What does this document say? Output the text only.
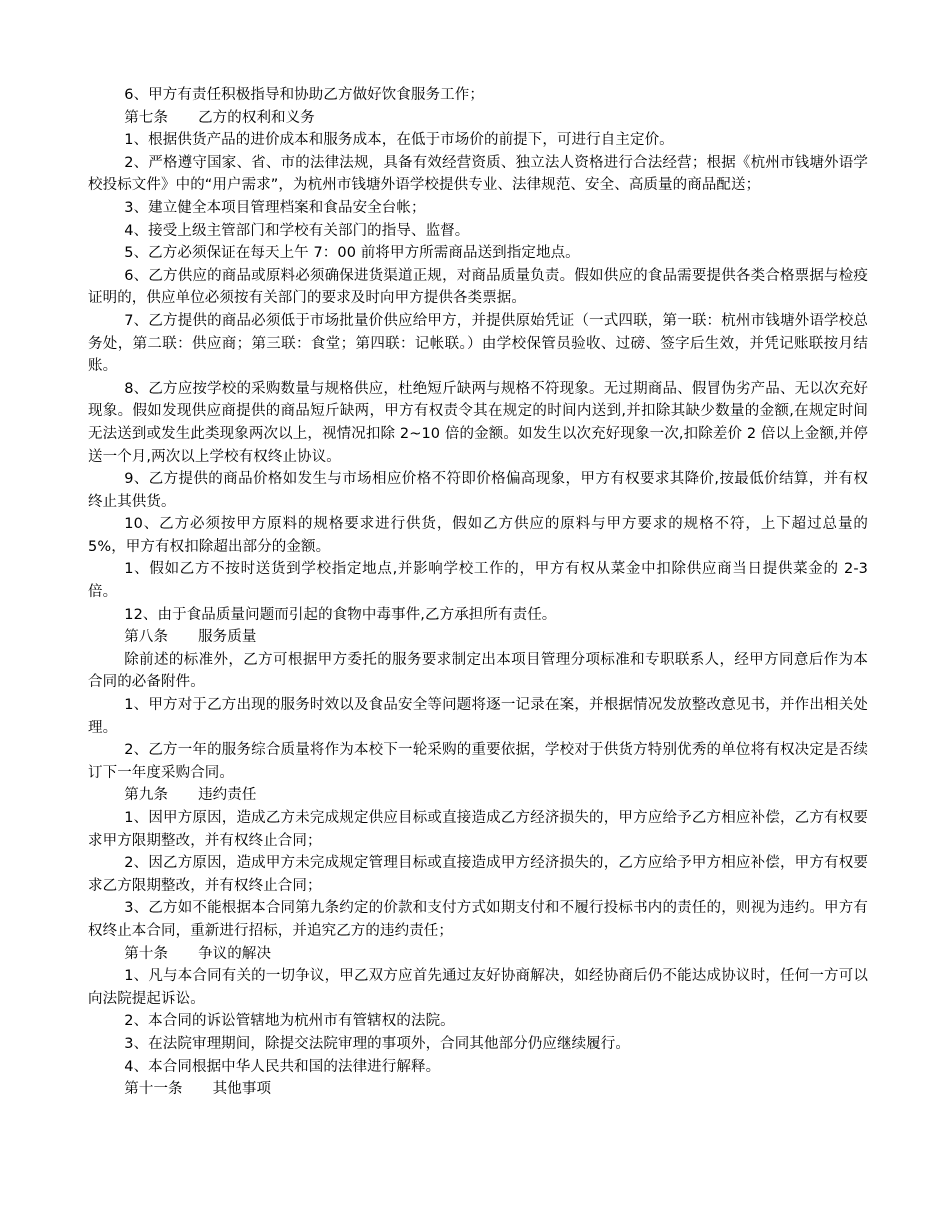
6、甲方有责任积极指导和协助乙方做好饮食服务工作；

第七条 乙方的权利和义务

1、根据供货产品的进价成本和服务成本，在低于市场价的前提下，可进行自主定价。

2、严格遵守国家、省、市的法律法规，具备有效经营资质、独立法人资格进行合法经营；根据《杭州市钱塘外语学校投标文件》中的“用户需求”，为杭州市钱塘外语学校提供专业、法律规范、安全、高质量的商品配送；

3、建立健全本项目管理档案和食品安全台帐；

4、接受上级主管部门和学校有关部门的指导、监督。

5、乙方必须保证在每天上午 7：00 前将甲方所需商品送到指定地点。

6、乙方供应的商品或原料必须确保进货渠道正规，对商品质量负责。假如供应的食品需要提供各类合格票据与检疫证明的，供应单位必须按有关部门的要求及时向甲方提供各类票据。

7、乙方提供的商品必须低于市场批量价供应给甲方，并提供原始凭证（一式四联，第一联：杭州市钱塘外语学校总务处，第二联：供应商；第三联：食堂；第四联：记帐联。）由学校保管员验收、过磅、签字后生效，并凭记账联按月结账。

8、乙方应按学校的采购数量与规格供应，杜绝短斤缺两与规格不符现象。无过期商品、假冒伪劣产品、无以次充好现象。假如发现供应商提供的商品短斤缺两，甲方有权责令其在规定的时间内送到,并扣除其缺少数量的金额,在规定时间无法送到或发生此类现象两次以上，视情况扣除 2~10 倍的金额。如发生以次充好现象一次,扣除差价 2 倍以上金额,并停送一个月,两次以上学校有权终止协议。

9、乙方提供的商品价格如发生与市场相应价格不符即价格偏高现象，甲方有权要求其降价,按最低价结算，并有权终止其供货。

10、乙方必须按甲方原料的规格要求进行供货，假如乙方供应的原料与甲方要求的规格不符，上下超过总量的 5%，甲方有权扣除超出部分的金额。

1、假如乙方不按时送货到学校指定地点,并影响学校工作的，甲方有权从菜金中扣除供应商当日提供菜金的 2-3 倍。

12、由于食品质量问题而引起的食物中毒事件,乙方承担所有责任。

第八条 服务质量

除前述的标准外，乙方可根据甲方委托的服务要求制定出本项目管理分项标准和专职联系人，经甲方同意后作为本合同的必备附件。

1、甲方对于乙方出现的服务时效以及食品安全等问题将逐一记录在案，并根据情况发放整改意见书，并作出相关处理。

2、乙方一年的服务综合质量将作为本校下一轮采购的重要依据，学校对于供货方特别优秀的单位将有权决定是否续订下一年度采购合同。

第九条 违约责任

1、因甲方原因，造成乙方未完成规定供应目标或直接造成乙方经济损失的，甲方应给予乙方相应补偿，乙方有权要求甲方限期整改，并有权终止合同；

2、因乙方原因，造成甲方未完成规定管理目标或直接造成甲方经济损失的，乙方应给予甲方相应补偿，甲方有权要求乙方限期整改，并有权终止合同；

3、乙方如不能根据本合同第九条约定的价款和支付方式如期支付和不履行投标书内的责任的，则视为违约。甲方有权终止本合同，重新进行招标，并追究乙方的违约责任；

第十条 争议的解决

1、凡与本合同有关的一切争议，甲乙双方应首先通过友好协商解决，如经协商后仍不能达成协议时，任何一方可以向法院提起诉讼。

2、本合同的诉讼管辖地为杭州市有管辖权的法院。

3、在法院审理期间，除提交法院审理的事项外，合同其他部分仍应继续履行。

4、本合同根据中华人民共和国的法律进行解释。

第十一条 其他事项
